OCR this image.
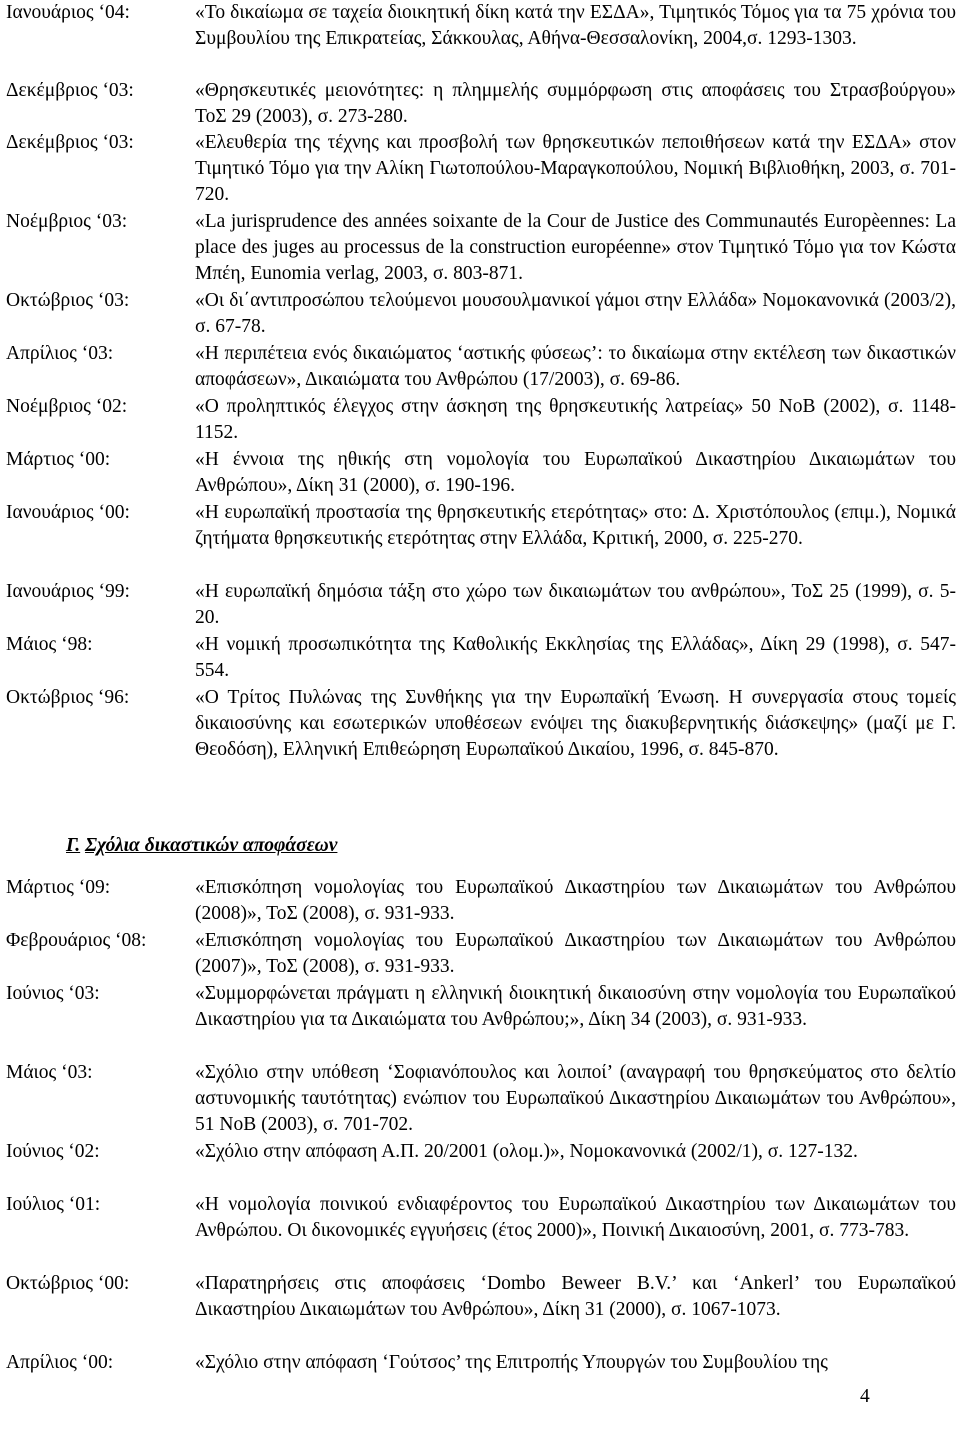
Ιανουάριος ‘04:	«Το δικαίωμα σε ταχεία διοικητική δίκη κατά την ΕΣΔΑ», Τιμητικός Τόμος για τα 75 χρόνια του Συμβουλίου της Επικρατείας, Σάκκουλας, Αθήνα-Θεσσαλονίκη, 2004,σ. 1293-1303.
Δεκέμβριος ‘03:	«Θρησκευτικές μειονότητες: η πλημμελής συμμόρφωση στις αποφάσεις του Στρασβούργου» ΤοΣ 29 (2003), σ. 273-280.
Δεκέμβριος ‘03:	«Ελευθερία της τέχνης και προσβολή των θρησκευτικών πεποιθήσεων κατά την ΕΣΔΑ» στον Τιμητικό Τόμο για την Αλίκη Γιωτοπούλου-Μαραγκοπούλου, Νομική Βιβλιοθήκη, 2003, σ. 701-720.
Νοέμβριος ‘03:	«La jurisprudence des années soixante de la Cour de Justice des Communautés Europèennes: La place des juges au processus de la construction européenne» στον Τιμητικό Τόμο για τον Κώστα Μπέη, Eunomia verlag, 2003, σ. 803-871.
Οκτώβριος ‘03:	«Οι δι΄αντιπροσώπου τελούμενοι μουσουλμανικοί γάμοι στην Ελλάδα» Νομοκανονικά (2003/2), σ. 67-78.
Απρίλιος ‘03:	«Η περιπέτεια ενός δικαιώματος ‘αστικής φύσεως’: το δικαίωμα στην εκτέλεση των δικαστικών αποφάσεων», Δικαιώματα του Ανθρώπου (17/2003), σ. 69-86.
Νοέμβριος ‘02:	«Ο προληπτικός έλεγχος στην άσκηση της θρησκευτικής λατρείας» 50 ΝοΒ (2002), σ. 1148-1152.
Μάρτιος ‘00:	«Η έννοια της ηθικής στη νομολογία του Ευρωπαϊκού Δικαστηρίου Δικαιωμάτων του Ανθρώπου», Δίκη 31 (2000), σ. 190-196.
Ιανουάριος ‘00:	«Η ευρωπαϊκή προστασία της θρησκευτικής ετερότητας» στο: Δ. Χριστόπουλος (επιμ.), Νομικά ζητήματα θρησκευτικής ετερότητας στην Ελλάδα, Κριτική, 2000, σ. 225-270.
Ιανουάριος ‘99:	«Η ευρωπαϊκή δημόσια τάξη στο χώρο των δικαιωμάτων του ανθρώπου», ΤοΣ 25 (1999), σ. 5-20.
Μάιος ‘98:	«Η νομική προσωπικότητα της Καθολικής Εκκλησίας της Ελλάδας», Δίκη 29 (1998), σ. 547-554.
Οκτώβριος ‘96:	«Ο Τρίτος Πυλώνας της Συνθήκης για την Ευρωπαϊκή Ένωση. Η συνεργασία στους τομείς δικαιοσύνης και εσωτερικών υποθέσεων ενόψει της διακυβερνητικής διάσκεψης» (μαζί με Γ. Θεοδόση), Ελληνική Επιθεώρηση Ευρωπαϊκού Δικαίου, 1996, σ. 845-870.
Γ. Σχόλια δικαστικών αποφάσεων
Μάρτιος ‘09:	«Επισκόπηση νομολογίας του Ευρωπαϊκού Δικαστηρίου των Δικαιωμάτων του Ανθρώπου (2008)», ΤοΣ (2008), σ. 931-933.
Φεβρουάριος ‘08: «Επισκόπηση νομολογίας του Ευρωπαϊκού Δικαστηρίου των Δικαιωμάτων του Ανθρώπου (2007)», ΤοΣ (2008), σ. 931-933.
Ιούνιος ‘03:	«Συμμορφώνεται πράγματι η ελληνική διοικητική δικαιοσύνη στην νομολογία του Ευρωπαϊκού Δικαστηρίου για τα Δικαιώματα του Ανθρώπου;», Δίκη 34 (2003), σ. 931-933.
Μάιος ‘03:	«Σχόλιο στην υπόθεση ‘Σοφιανόπουλος και λοιποί’ (αναγραφή του θρησκεύματος στο δελτίο αστυνομικής ταυτότητας) ενώπιον του Ευρωπαϊκού Δικαστηρίου Δικαιωμάτων του Ανθρώπου», 51 ΝοΒ (2003), σ. 701-702.
Ιούνιος ‘02:	«Σχόλιο στην απόφαση Α.Π. 20/2001 (ολομ.)», Νομοκανονικά (2002/1), σ. 127-132.
Ιούλιος ‘01:	«Η νομολογία ποινικού ενδιαφέροντος του Ευρωπαϊκού Δικαστηρίου των Δικαιωμάτων του Ανθρώπου. Οι δικονομικές εγγυήσεις (έτος 2000)», Ποινική Δικαιοσύνη, 2001, σ. 773-783.
Οκτώβριος ‘00:	«Παρατηρήσεις στις αποφάσεις ‘Dombo Beweer B.V.’ και ‘Ankerl’ του Ευρωπαϊκού Δικαστηρίου Δικαιωμάτων του Ανθρώπου», Δίκη 31 (2000), σ. 1067-1073.
Απρίλιος ‘00:	«Σχόλιο στην απόφαση ‘Γούτσος’ της Επιτροπής Υπουργών του Συμβουλίου της
4
